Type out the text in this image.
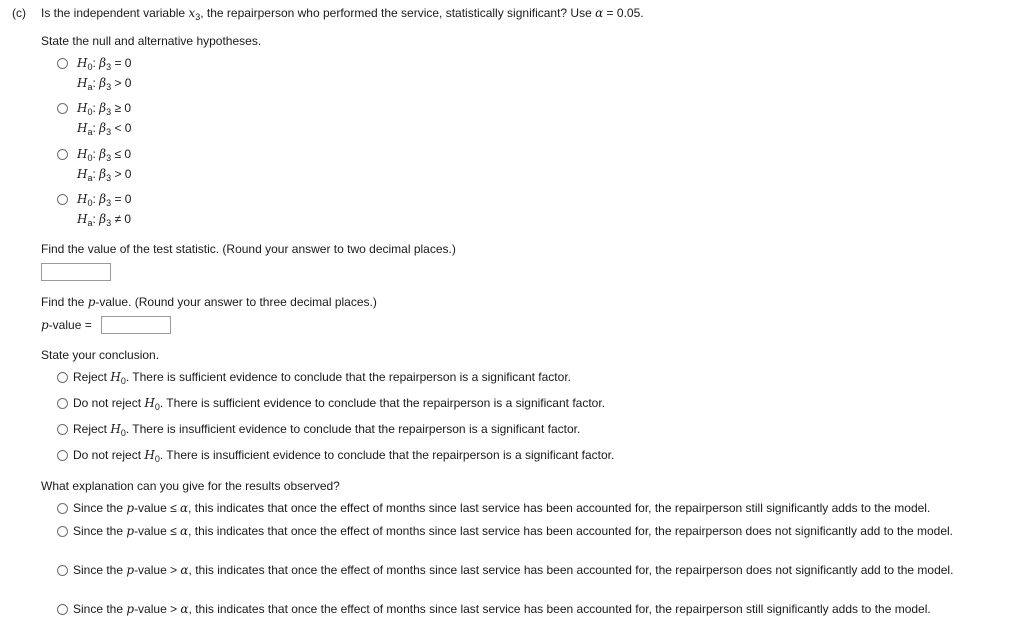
(c) Is the independent variable $x_3$, the repairperson who performed the service, statistically significant? Use α = 0.05.
State the null and alternative hypotheses.
$H_0$: $\beta_3 = 0$
$H_a$: $\beta_3 > 0$
$H_0$: $\beta_3 \ge 0$
$H_a$: $\beta_3 < 0$
$H_0$: $\beta_3 \le 0$
$H_a$: $\beta_3 > 0$
$H_0$: $\beta_3 = 0$
$H_a$: $\beta_3 \ne 0$
Find the value of the test statistic. (Round your answer to two decimal places.)
Find the p-value. (Round your answer to three decimal places.)
p-value =
State your conclusion.
Reject $H_0$. There is sufficient evidence to conclude that the repairperson is a significant factor.
Do not reject $H_0$. There is sufficient evidence to conclude that the repairperson is a significant factor.
Reject $H_0$. There is insufficient evidence to conclude that the repairperson is a significant factor.
Do not reject $H_0$. There is insufficient evidence to conclude that the repairperson is a significant factor.
What explanation can you give for the results observed?
Since the p-value ≤ α, this indicates that once the effect of months since last service has been accounted for, the repairperson still significantly adds to the model.
Since the p-value ≤ α, this indicates that once the effect of months since last service has been accounted for, the repairperson does not significantly add to the model.
Since the p-value > α, this indicates that once the effect of months since last service has been accounted for, the repairperson does not significantly add to the model.
Since the p-value > α, this indicates that once the effect of months since last service has been accounted for, the repairperson still significantly adds to the model.
